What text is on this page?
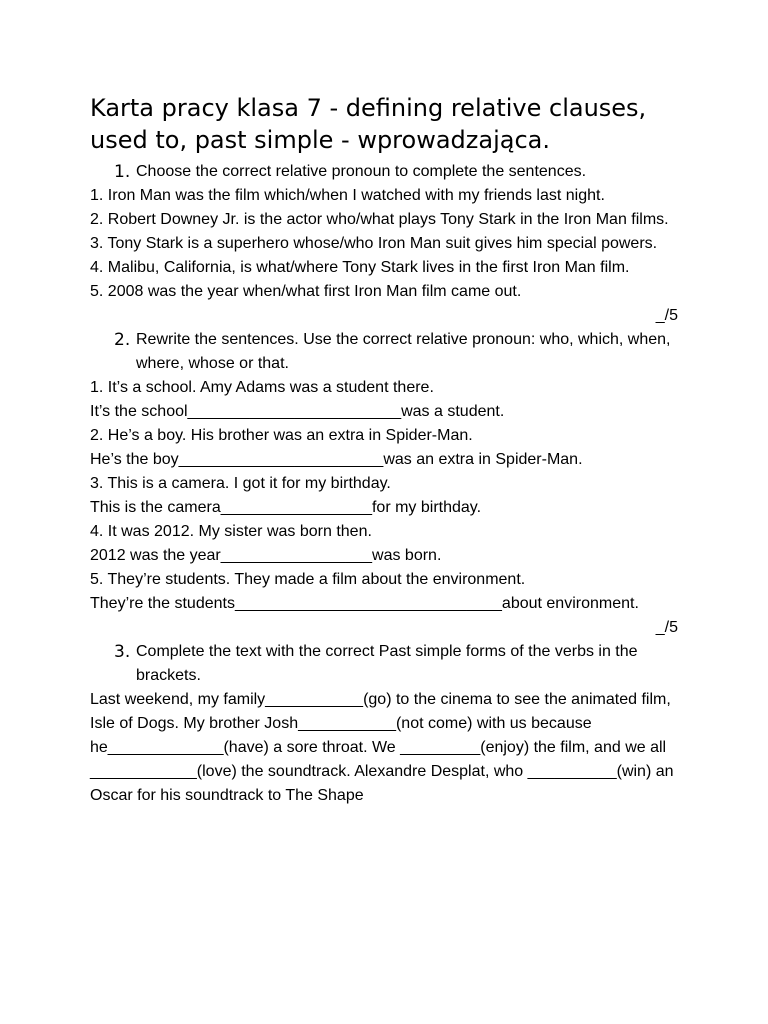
Karta pracy klasa 7 - defining relative clauses, used to, past simple - wprowadzająca.
1. Choose the correct relative pronoun to complete the sentences.

1. Iron Man was the film which/when I watched with my friends last night.

2. Robert Downey Jr. is the actor who/what plays Tony Stark in the Iron Man films.

3. Tony Stark is a superhero whose/who Iron Man suit gives him special powers.

4. Malibu, California, is what/where Tony Stark lives in the first Iron Man film.

5. 2008 was the year when/what first Iron Man film came out.

_/5

2. Rewrite the sentences. Use the correct relative pronoun: who, which, when, where, whose or that.

1. It’s a school. Amy Adams was a student there.

It’s the school________________________was a student.

2. He’s a boy. His brother was an extra in Spider-Man.

He’s the boy_______________________was an extra in Spider-Man.

3. This is a camera. I got it for my birthday.

This is the camera_________________for my birthday.

4. It was 2012. My sister was born then.

2012 was the year_________________was born.

5. They’re students. They made a film about the environment.

They’re the students______________________________about environment.

_/5

3. Complete the text with the correct Past simple forms of the verbs in the brackets.

Last weekend, my family___________(go) to the cinema to see the animated film, Isle of Dogs. My brother Josh___________(not come) with us because he_____________(have) a sore throat. We _________(enjoy) the film, and we all ____________(love) the soundtrack. Alexandre Desplat, who __________(win) an Oscar for his soundtrack to The Shape
